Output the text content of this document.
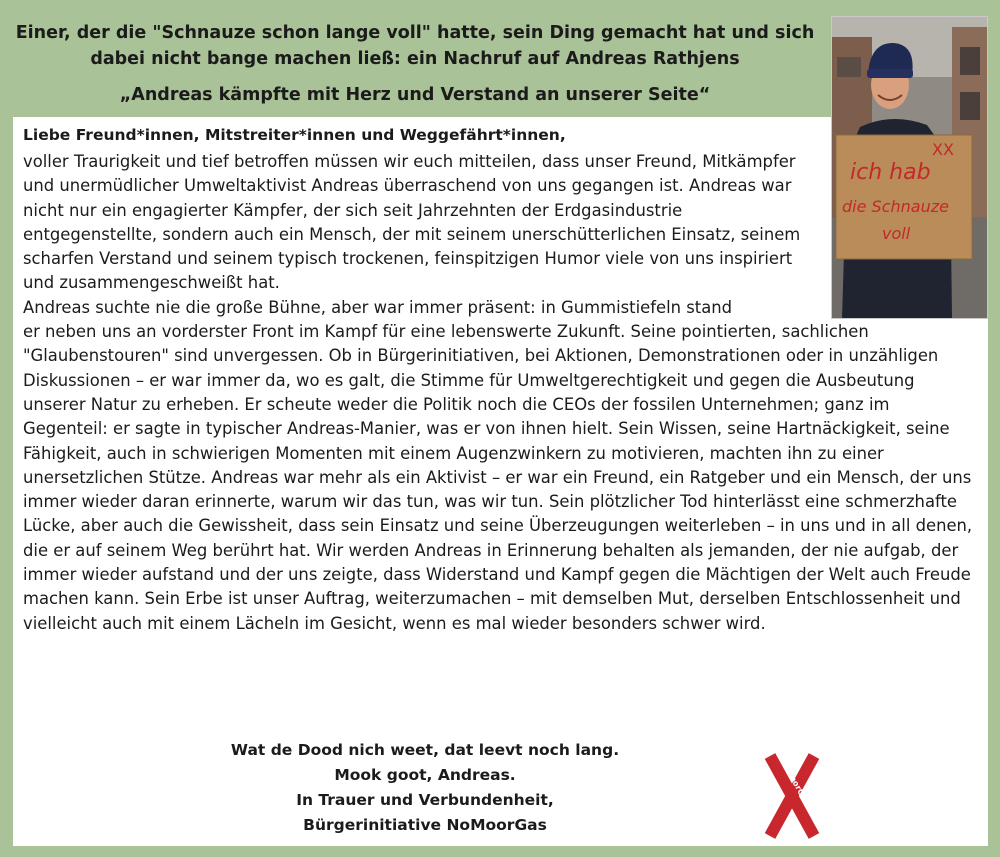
Einer, der die "Schnauze schon lange voll" hatte, sein Ding gemacht hat und sich

dabei nicht bange machen ließ: ein Nachruf auf Andreas Rathjens

„Andreas kämpfte mit Herz und Verstand an unserer Seite“
ich hab
die Schnauze
voll
XX

Liebe Freund*innen, Mitstreiter*innen und Weggefährt*innen,

voller Traurigkeit und tief betroffen müssen wir euch mitteilen, dass unser Freund, Mitkämpfer und unermüdlicher Umweltaktivist Andreas überraschend von uns gegangen ist. Andreas war nicht nur ein engagierter Kämpfer, der sich seit Jahrzehnten der Erdgasindustrie entgegenstellte, sondern auch ein Mensch, der mit seinem unerschütterlichen Einsatz, seinem scharfen Verstand und seinem typisch trockenen, feinspitzigen Humor viele von uns inspiriert und zusammengeschweißt hat.

Andreas suchte nie die große Bühne, aber war immer präsent: in Gummistiefeln stand

er neben uns an vorderster Front im Kampf für eine lebenswerte Zukunft. Seine pointierten, sachlichen "Glaubenstouren" sind unvergessen. Ob in Bürgerinitiativen, bei Aktionen, Demonstrationen oder in unzähligen Diskussionen – er war immer da, wo es galt, die Stimme für Umweltgerechtigkeit und gegen die Ausbeutung unserer Natur zu erheben. Er scheute weder die Politik noch die CEOs der fossilen Unternehmen; ganz im Gegenteil: er sagte in typischer Andreas-Manier, was er von ihnen hielt. Sein Wissen, seine Hartnäckigkeit, seine Fähigkeit, auch in schwierigen Momenten mit einem Augenzwinkern zu motivieren, machten ihn zu einer unersetzlichen Stütze. Andreas war mehr als ein Aktivist – er war ein Freund, ein Ratgeber und ein Mensch, der uns immer wieder daran erinnerte, warum wir das tun, was wir tun. Sein plötzlicher Tod hinterlässt eine schmerzhafte Lücke, aber auch die Gewissheit, dass sein Einsatz und seine Überzeugungen weiterleben – in uns und in all denen, die er auf seinem Weg berührt hat. Wir werden Andreas in Erinnerung behalten als jemanden, der nie aufgab, der immer wieder aufstand und der uns zeigte, dass Widerstand und Kampf gegen die Mächtigen der Welt auch Freude machen kann. Sein Erbe ist unser Auftrag, weiterzumachen – mit demselben Mut, derselben Entschlossenheit und vielleicht auch mit einem Lächeln im Gesicht, wenn es mal wieder besonders schwer wird.

Wat de Dood nich weet, dat leevt noch lang.
Mook goot, Andreas.
In Trauer und Verbundenheit,
Bürgerinitiative NoMoorGas
NoMoorGas.de
